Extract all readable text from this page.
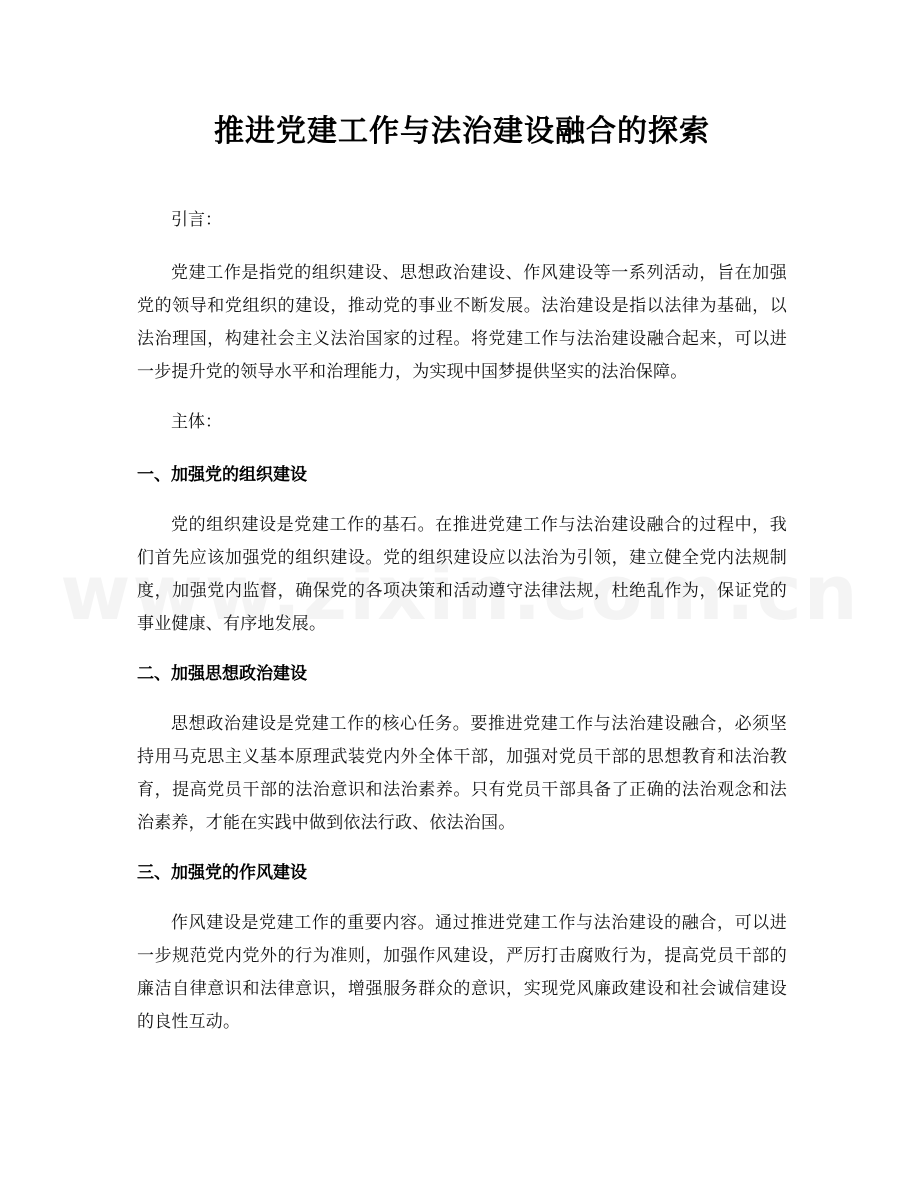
推进党建工作与法治建设融合的探索

引言：

党建工作是指党的组织建设、思想政治建设、作风建设等一系列活动，旨在加强党的领导和党组织的建设，推动党的事业不断发展。法治建设是指以法律为基础，以法治理国，构建社会主义法治国家的过程。将党建工作与法治建设融合起来，可以进一步提升党的领导水平和治理能力，为实现中国梦提供坚实的法治保障。

主体：

一、加强党的组织建设

党的组织建设是党建工作的基石。在推进党建工作与法治建设融合的过程中，我们首先应该加强党的组织建设。党的组织建设应以法治为引领，建立健全党内法规制度，加强党内监督，确保党的各项决策和活动遵守法律法规，杜绝乱作为，保证党的事业健康、有序地发展。

二、加强思想政治建设

思想政治建设是党建工作的核心任务。要推进党建工作与法治建设融合，必须坚持用马克思主义基本原理武装党内外全体干部，加强对党员干部的思想教育和法治教育，提高党员干部的法治意识和法治素养。只有党员干部具备了正确的法治观念和法治素养，才能在实践中做到依法行政、依法治国。

三、加强党的作风建设

作风建设是党建工作的重要内容。通过推进党建工作与法治建设的融合，可以进一步规范党内党外的行为准则，加强作风建设，严厉打击腐败行为，提高党员干部的廉洁自律意识和法律意识，增强服务群众的意识，实现党风廉政建设和社会诚信建设的良性互动。
